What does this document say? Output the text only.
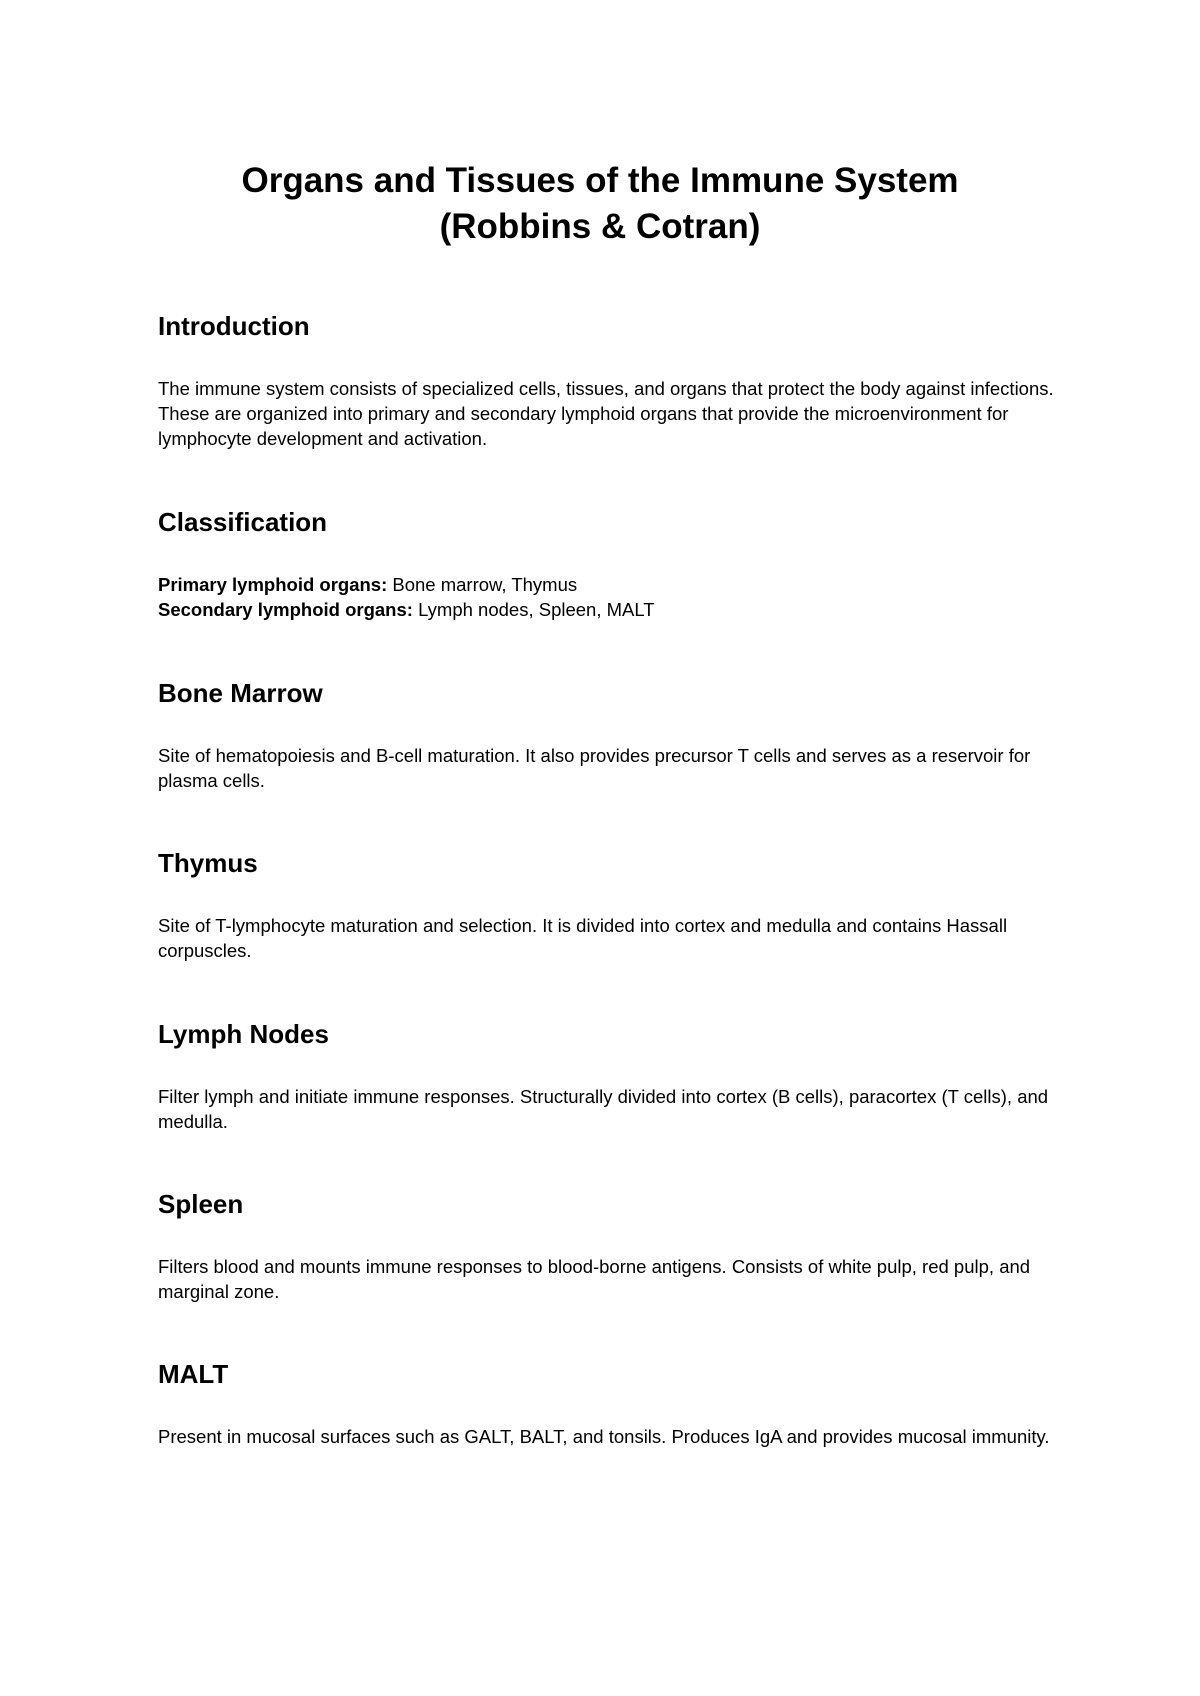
Organs and Tissues of the Immune System
(Robbins & Cotran)
Introduction

The immune system consists of specialized cells, tissues, and organs that protect the body against infections. These are organized into primary and secondary lymphoid organs that provide the microenvironment for lymphocyte development and activation.

Classification
Primary lymphoid organs: Bone marrow, Thymus
Secondary lymphoid organs: Lymph nodes, Spleen, MALT
Bone Marrow

Site of hematopoiesis and B-cell maturation. It also provides precursor T cells and serves as a reservoir for plasma cells.

Thymus

Site of T-lymphocyte maturation and selection. It is divided into cortex and medulla and contains Hassall corpuscles.

Lymph Nodes

Filter lymph and initiate immune responses. Structurally divided into cortex (B cells), paracortex (T cells), and medulla.

Spleen

Filters blood and mounts immune responses to blood-borne antigens. Consists of white pulp, red pulp, and marginal zone.

MALT

Present in mucosal surfaces such as GALT, BALT, and tonsils. Produces IgA and provides mucosal immunity.
